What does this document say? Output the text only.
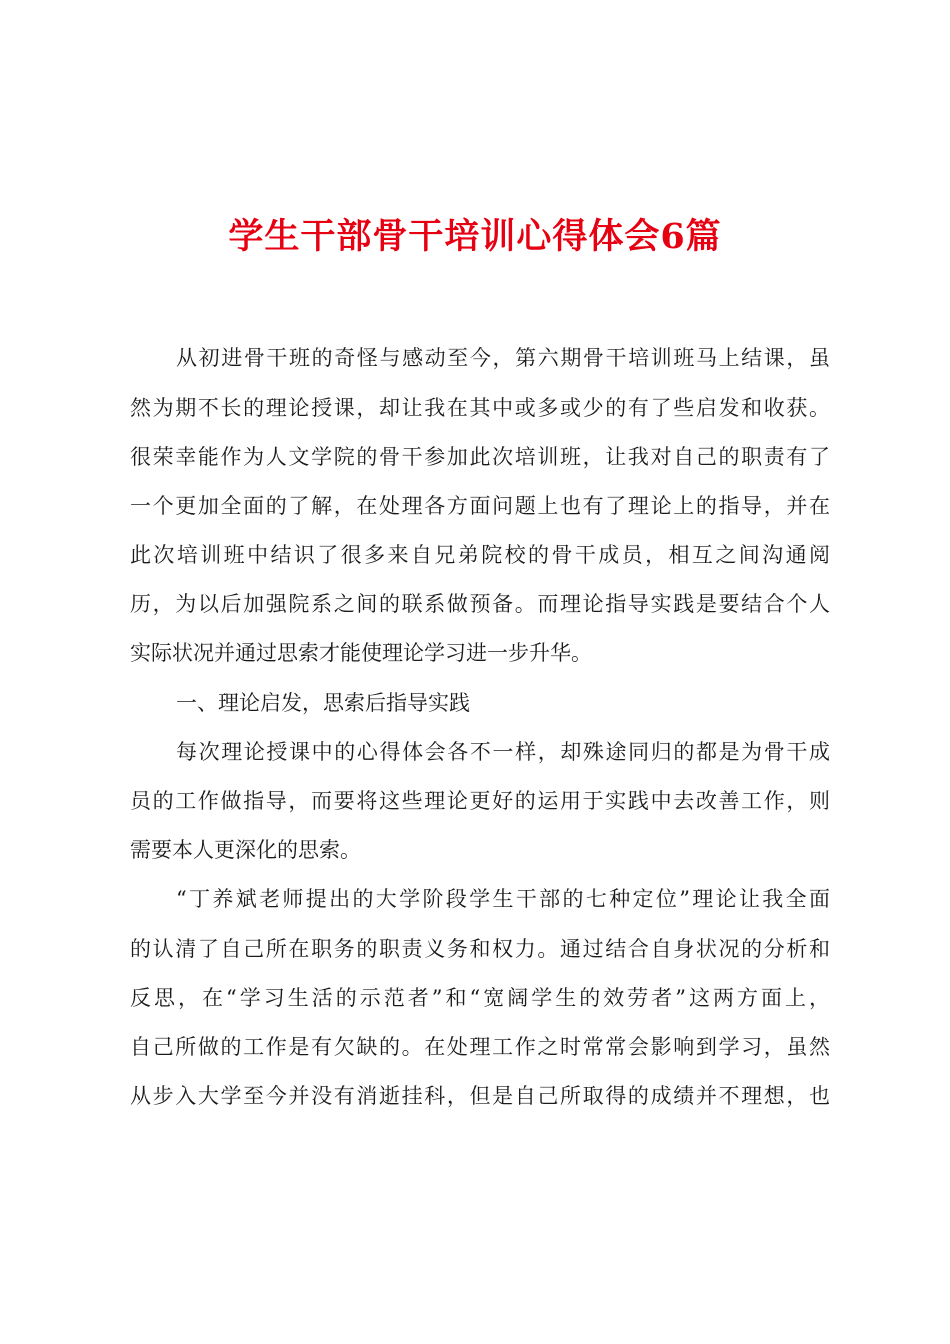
学生干部骨干培训心得体会6篇

从初进骨干班的奇怪与感动至今，第六期骨干培训班马上结课，虽

然为期不长的理论授课，却让我在其中或多或少的有了些启发和收获。

很荣幸能作为人文学院的骨干参加此次培训班，让我对自己的职责有了

一个更加全面的了解，在处理各方面问题上也有了理论上的指导，并在

此次培训班中结识了很多来自兄弟院校的骨干成员，相互之间沟通阅

历，为以后加强院系之间的联系做预备。而理论指导实践是要结合个人

实际状况并通过思索才能使理论学习进一步升华。

一、理论启发，思索后指导实践

每次理论授课中的心得体会各不一样，却殊途同归的都是为骨干成

员的工作做指导，而要将这些理论更好的运用于实践中去改善工作，则

需要本人更深化的思索。

“丁养斌老师提出的大学阶段学生干部的七种定位”理论让我全面

的认清了自己所在职务的职责义务和权力。通过结合自身状况的分析和

反思，在“学习生活的示范者”和“宽阔学生的效劳者”这两方面上，

自己所做的工作是有欠缺的。在处理工作之时常常会影响到学习，虽然

从步入大学至今并没有消逝挂科，但是自己所取得的成绩并不理想，也
